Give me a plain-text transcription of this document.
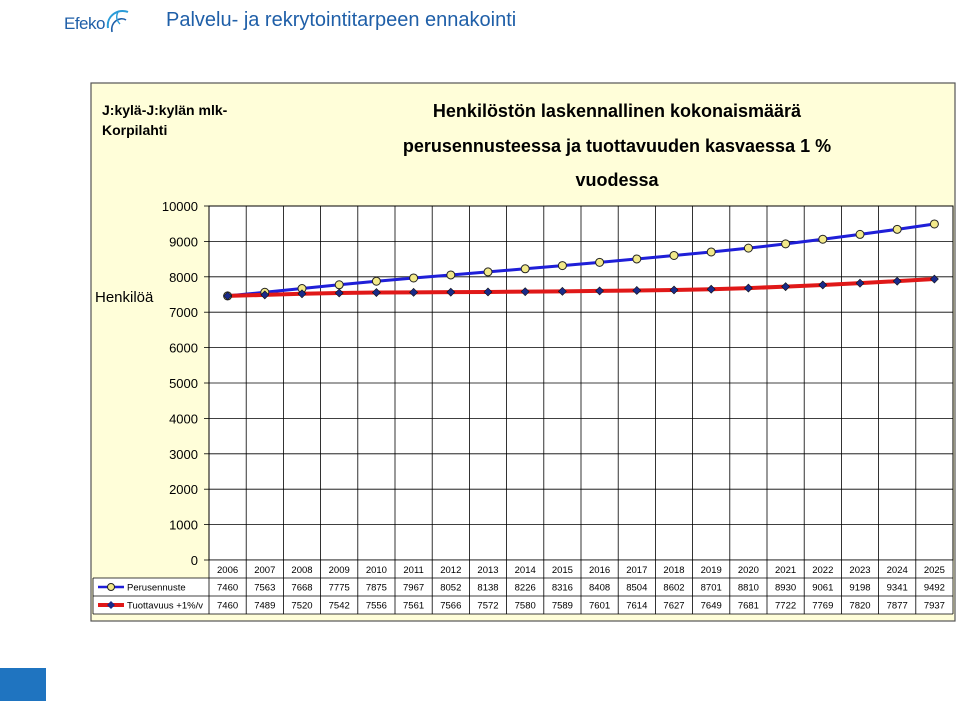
Efeko	Palvelu- ja rekrytointitarpeen ennakointi
J:kylä-J:kylän mlk-
Korpilahti
Henkilöstön laskennallinen kokonaismäärä
perusennusteessa ja tuottavuuden kasvaessa 1 %
vuodessa
0
1000
2000
3000
4000
5000
6000
7000
8000
9000
10000
Henkilöä
2006 2007 2008 2009 2010 2011 2012 2013 2014 2015 2016 2017 2018 2019 2020 2021 2022 2023 2024 2025
Perusennuste	7460 7563 7668 7775 7875 7967 8052 8138 8226 8316 8408 8504 8602 8701 8810 8930 9061 9198 9341 9492
Tuottavuus +1%/v 7460 7489 7520 7542 7556 7561 7566 7572 7580 7589 7601 7614 7627 7649 7681 7722 7769 7820 7877 7937
